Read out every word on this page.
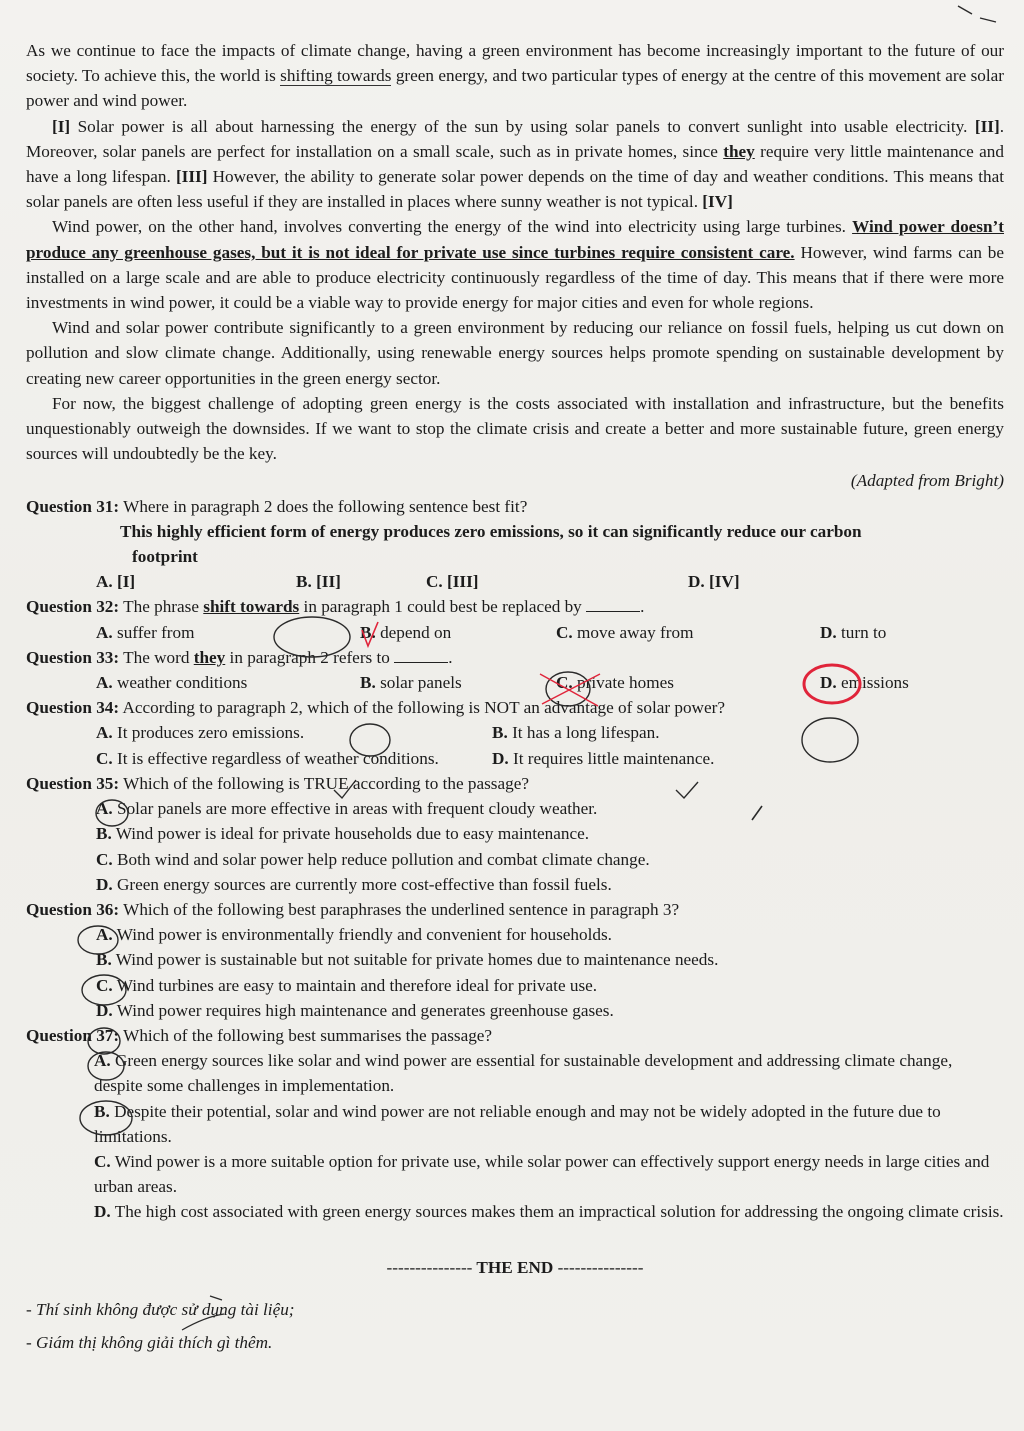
As we continue to face the impacts of climate change, having a green environment has become increasingly important to the future of our society. To achieve this, the world is shifting towards green energy, and two particular types of energy at the centre of this movement are solar power and wind power.

[I] Solar power is all about harnessing the energy of the sun by using solar panels to convert sunlight into usable electricity. [II]. Moreover, solar panels are perfect for installation on a small scale, such as in private homes, since they require very little maintenance and have a long lifespan. [III] However, the ability to generate solar power depends on the time of day and weather conditions. This means that solar panels are often less useful if they are installed in places where sunny weather is not typical. [IV]

Wind power, on the other hand, involves converting the energy of the wind into electricity using large turbines. Wind power doesn’t produce any greenhouse gases, but it is not ideal for private use since turbines require consistent care. However, wind farms can be installed on a large scale and are able to produce electricity continuously regardless of the time of day. This means that if there were more investments in wind power, it could be a viable way to provide energy for major cities and even for whole regions.

Wind and solar power contribute significantly to a green environment by reducing our reliance on fossil fuels, helping us cut down on pollution and slow climate change. Additionally, using renewable energy sources helps promote spending on sustainable development by creating new career opportunities in the green energy sector.

For now, the biggest challenge of adopting green energy is the costs associated with installation and infrastructure, but the benefits unquestionably outweigh the downsides. If we want to stop the climate crisis and create a better and more sustainable future, green energy sources will undoubtedly be the key.

(Adapted from Bright)

Question 31: Where in paragraph 2 does the following sentence best fit?

This highly efficient form of energy produces zero emissions, so it can significantly reduce our carbon

footprint

A. [I]	B. [II]	C. [III]	D. [IV]

Question 32: The phrase shift towards in paragraph 1 could best be replaced by	.

A. suffer from	B. depend on	C. move away from	D. turn to

Question 33: The word they in paragraph 2 refers to	.

A. weather conditions	B. solar panels	C. private homes	D. emissions

Question 34: According to paragraph 2, which of the following is NOT an advantage of solar power?

A. It produces zero emissions.	B. It has a long lifespan.
C. It is effective regardless of weather conditions.	D. It requires little maintenance.

Question 35: Which of the following is TRUE according to the passage?

A. Solar panels are more effective in areas with frequent cloudy weather.
B. Wind power is ideal for private households due to easy maintenance.
C. Both wind and solar power help reduce pollution and combat climate change.
D. Green energy sources are currently more cost-effective than fossil fuels.

Question 36: Which of the following best paraphrases the underlined sentence in paragraph 3?

A. Wind power is environmentally friendly and convenient for households.
B. Wind power is sustainable but not suitable for private homes due to maintenance needs.
C. Wind turbines are easy to maintain and therefore ideal for private use.
D. Wind power requires high maintenance and generates greenhouse gases.

Question 37: Which of the following best summarises the passage?

A. Green energy sources like solar and wind power are essential for sustainable development and addressing climate change, despite some challenges in implementation.
B. Despite their potential, solar and wind power are not reliable enough and may not be widely adopted in the future due to limitations.
C. Wind power is a more suitable option for private use, while solar power can effectively support energy needs in large cities and urban areas.
D. The high cost associated with green energy sources makes them an impractical solution for addressing the ongoing climate crisis.

--------------- THE END ---------------

- Thí sinh không được sử dụng tài liệu;

- Giám thị không giải thích gì thêm.
